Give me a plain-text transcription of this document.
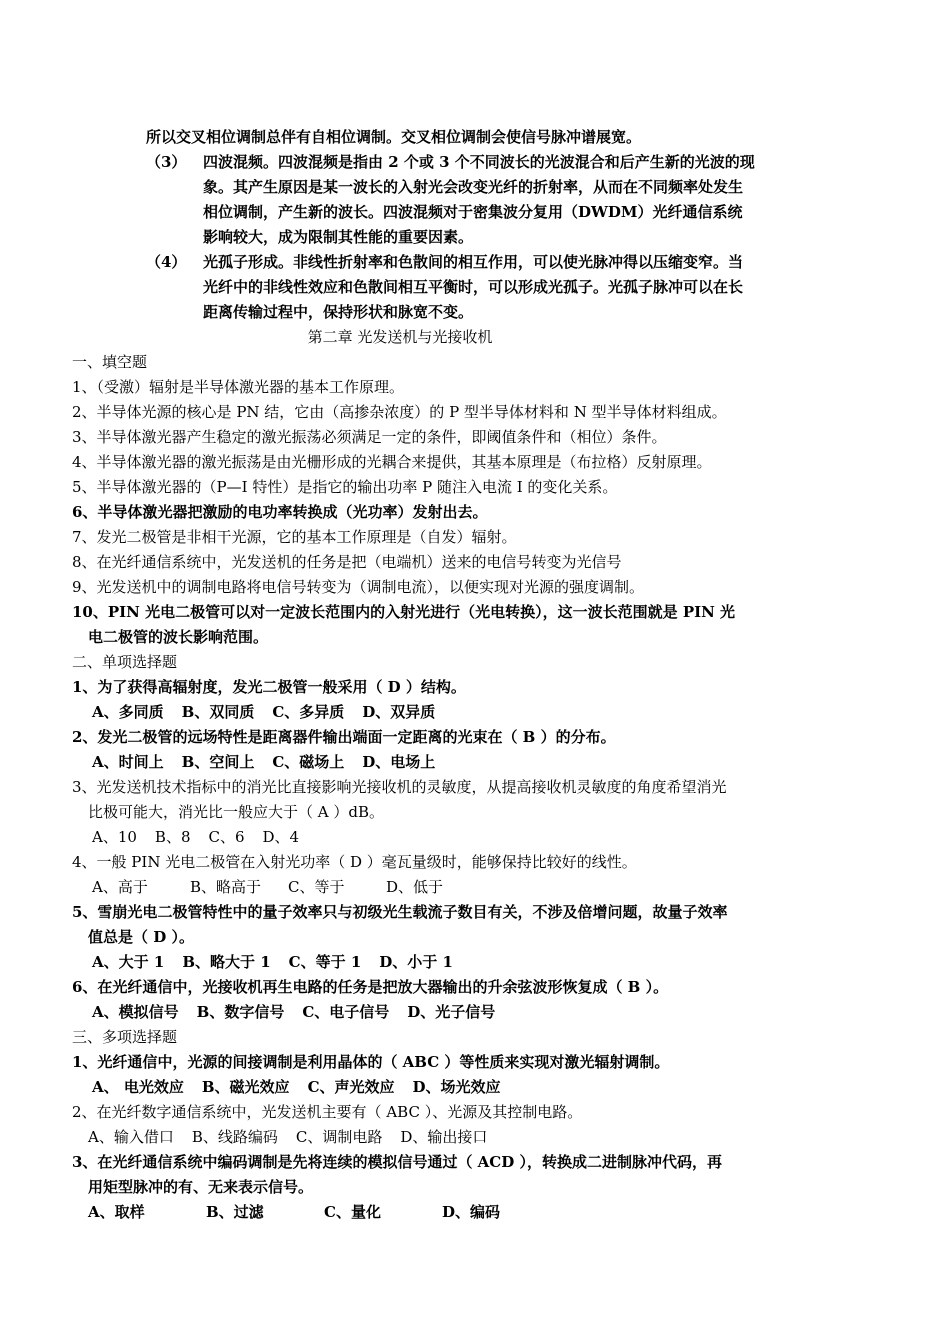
所以交叉相位调制总伴有自相位调制。交叉相位调制会使信号脉冲谱展宽。
（3） 四波混频。四波混频是指由 2 个或 3 个不同波长的光波混合和后产生新的光波的现
象。其产生原因是某一波长的入射光会改变光纤的折射率，从而在不同频率处发生
相位调制，产生新的波长。四波混频对于密集波分复用（DWDM）光纤通信系统
影响较大，成为限制其性能的重要因素。
（4） 光孤子形成。非线性折射率和色散间的相互作用，可以使光脉冲得以压缩变窄。当
光纤中的非线性效应和色散间相互平衡时，可以形成光孤子。光孤子脉冲可以在长
距离传输过程中，保持形状和脉宽不变。
第二章 光发送机与光接收机
一、填空题
1、（受激）辐射是半导体激光器的基本工作原理。
2、半导体光源的核心是 PN 结，它由（高掺杂浓度）的 P 型半导体材料和 N 型半导体材料组成。
3、半导体激光器产生稳定的激光振荡必须满足一定的条件，即阈值条件和（相位）条件。
4、半导体激光器的激光振荡是由光栅形成的光耦合来提供，其基本原理是（布拉格）反射原理。
5、半导体激光器的（P—I 特性）是指它的输出功率 P 随注入电流 I 的变化关系。
6、半导体激光器把激励的电功率转换成（光功率）发射出去。
7、发光二极管是非相干光源，它的基本工作原理是（自发）辐射。
8、在光纤通信系统中，光发送机的任务是把（电端机）送来的电信号转变为光信号
9、光发送机中的调制电路将电信号转变为（调制电流），以便实现对光源的强度调制。
10、PIN 光电二极管可以对一定波长范围内的入射光进行（光电转换），这一波长范围就是 PIN 光
电二极管的波长影响范围。
二、单项选择题
1、为了获得高辐射度，发光二极管一般采用（ D ）结构。
A、多同质 B、双同质 C、多异质 D、双异质
2、发光二极管的远场特性是距离器件输出端面一定距离的光束在（ B ）的分布。
A、时间上 B、空间上 C、磁场上 D、电场上
3、光发送机技术指标中的消光比直接影响光接收机的灵敏度，从提高接收机灵敏度的角度希望消光
比极可能大，消光比一般应大于（ A ）dB。
A、10 B、8 C、6 D、4
4、一般 PIN 光电二极管在入射光功率（ D ）毫瓦量级时，能够保持比较好的线性。
A、高于	B、略高于 C、等于	D、低于
5、雪崩光电二极管特性中的量子效率只与初级光生载流子数目有关，不涉及倍增问题，故量子效率
值总是（ D ）。
A、大于 1 B、略大于 1 C、等于 1 D、小于 1
6、在光纤通信中，光接收机再生电路的任务是把放大器输出的升余弦波形恢复成（ B ）。
A、模拟信号 B、数字信号 C、电子信号 D、光子信号
三、多项选择题
1、光纤通信中，光源的间接调制是利用晶体的（ ABC ）等性质来实现对激光辐射调制。
A、 电光效应 B、磁光效应 C、声光效应 D、场光效应
2、在光纤数字通信系统中，光发送机主要有（ ABC ）、光源及其控制电路。
A、输入借口 B、线路编码 C、调制电路 D、输出接口
3、在光纤通信系统中编码调制是先将连续的模拟信号通过（ ACD ），转换成二进制脉冲代码，再
用矩型脉冲的有、无来表示信号。
A、取样	B、过滤	C、量化	D、编码
